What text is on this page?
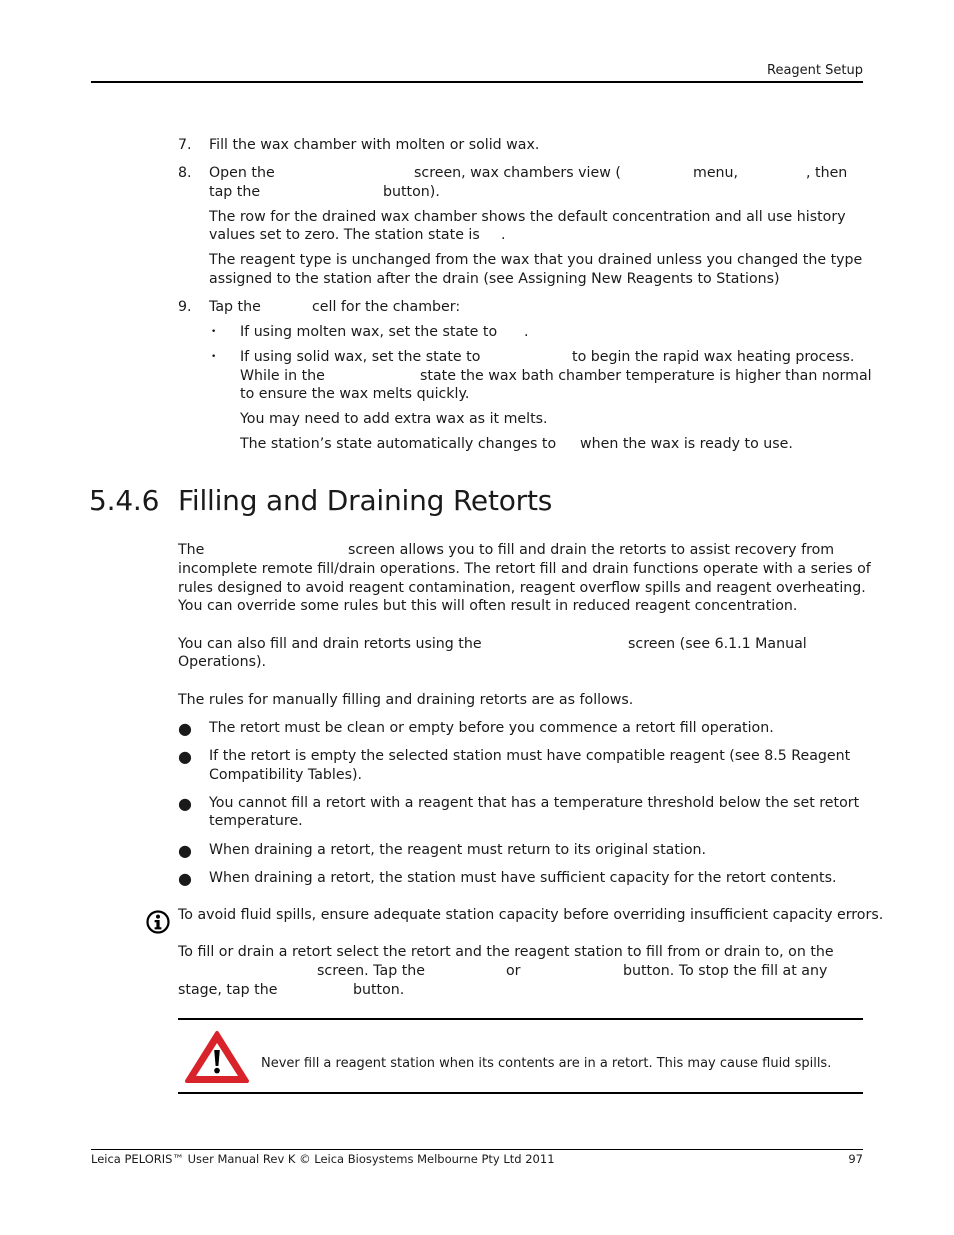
Reagent Setup
7. Fill the wax chamber with molten or solid wax.
8. Open the	screen, wax chambers view (	menu,	, then
tap the	button).
The row for the drained wax chamber shows the default concentration and all use history
values set to zero. The station state is .
The reagent type is unchanged from the wax that you drained unless you changed the type
assigned to the station after the drain (see Assigning New Reagents to Stations)
9. Tap the	cell for the chamber:
• If using molten wax, set the state to .
• If using solid wax, set the state to	to begin the rapid wax heating process.
While in the	state the wax bath chamber temperature is higher than normal
to ensure the wax melts quickly.
You may need to add extra wax as it melts.
The station’s state automatically changes to when the wax is ready to use.
5.4.6 Filling and Draining Retorts
The	screen allows you to fill and drain the retorts to assist recovery from
incomplete remote fill/drain operations. The retort fill and drain functions operate with a series of
rules designed to avoid reagent contamination, reagent overflow spills and reagent overheating.
You can override some rules but this will often result in reduced reagent concentration.
You can also fill and drain retorts using the	screen (see 6.1.1 Manual
Operations).
The rules for manually filling and draining retorts are as follows.
● The retort must be clean or empty before you commence a retort fill operation.
● If the retort is empty the selected station must have compatible reagent (see 8.5 Reagent
Compatibility Tables).
● You cannot fill a retort with a reagent that has a temperature threshold below the set retort
temperature.
● When draining a retort, the reagent must return to its original station.
● When draining a retort, the station must have sufficient capacity for the retort contents.
To avoid fluid spills, ensure adequate station capacity before overriding insufficient capacity errors.
To fill or drain a retort select the retort and the reagent station to fill from or drain to, on the
screen. Tap the	or	button. To stop the fill at any
stage, tap the	button.
Never fill a reagent station when its contents are in a retort. This may cause fluid spills.
Leica PELORIS™ User Manual Rev K © Leica Biosystems Melbourne Pty Ltd 2011	97
